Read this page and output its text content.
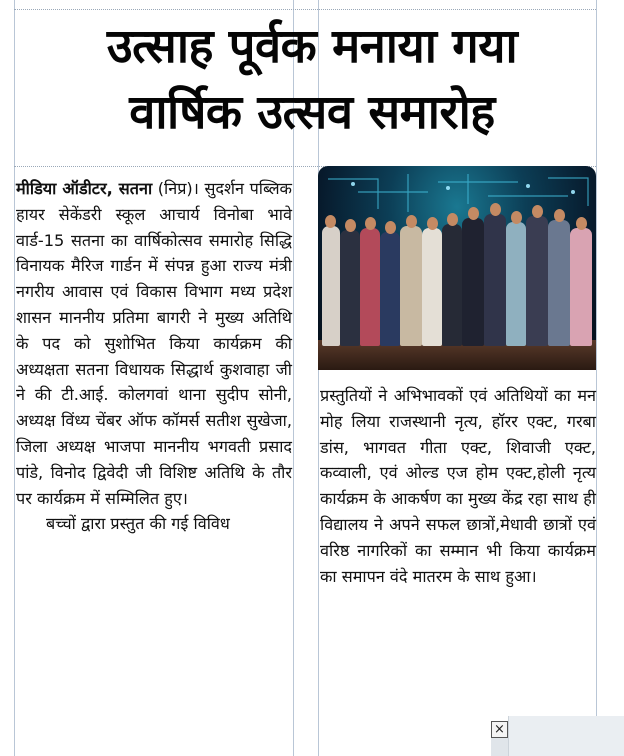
उत्साह पूर्वक मनाया गया
वार्षिक उत्सव समारोह

मीडिया ऑडीटर, सतना (निप्र)। सुदर्शन पब्लिक हायर सेकेंडरी स्कूल आचार्य विनोबा भावे वार्ड-15 सतना का वार्षिकोत्सव समारोह सिद्धि विनायक मैरिज गार्डन में संपन्न हुआ राज्य मंत्री नगरीय आवास एवं विकास विभाग मध्य प्रदेश शासन माननीय प्रतिमा बागरी ने मुख्य अतिथि के पद को सुशोभित किया कार्यक्रम की अध्यक्षता सतना विधायक सिद्धार्थ कुशवाहा जी ने की टी.आई. कोलगवां थाना सुदीप सोनी, अध्यक्ष विंध्य चेंबर ऑफ कॉमर्स सतीश सुखेजा, जिला अध्यक्ष भाजपा माननीय भगवती प्रसाद पांडे, विनोद द्विवेदी जी विशिष्ट अतिथि के तौर पर कार्यक्रम में सम्मिलित हुए।

बच्चों द्वारा प्रस्तुत की गई विविध

प्रस्तुतियों ने अभिभावकों एवं अतिथियों का मन मोह लिया राजस्थानी नृत्य, हॉरर एक्ट, गरबा डांस, भागवत गीता एक्ट, शिवाजी एक्ट, कव्वाली, एवं ओल्ड एज होम एक्ट,होली नृत्य कार्यक्रम के आकर्षण का मुख्य केंद्र रहा साथ ही विद्यालय ने अपने सफल छात्रों,मेधावी छात्रों एवं वरिष्ठ नागरिकों का सम्मान भी किया कार्यक्रम का समापन वंदे मातरम के साथ हुआ।

×
